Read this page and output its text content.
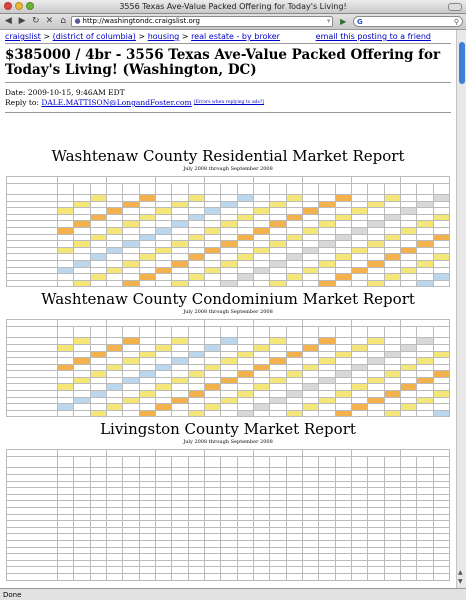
3556 Texas Ave-Value Packed Offering for Today's Living!
◀ ▶ ↻ ✕ ⌂	● http://washingtondc.craigslist.org	▾	▶	G	⚲
craigslist > (district of columbia) > housing > real estate - by broker	email this posting to a friend
$385000 / 4br - 3556 Texas Ave-Value Packed Offering for Today's Living! (Washington, DC)
Date: 2009-10-15, 9:46AM EDT
Reply to: DALE.MATTISON@LongandFoster.com [Errors when replying to ads?]
Washtenaw County Residential Market Report
July 2008 through September 2008

Washtenaw County Condominium Market Report
July 2008 through September 2008

Livingston County Market Report
July 2008 through September 2008

▲
▼
Done
